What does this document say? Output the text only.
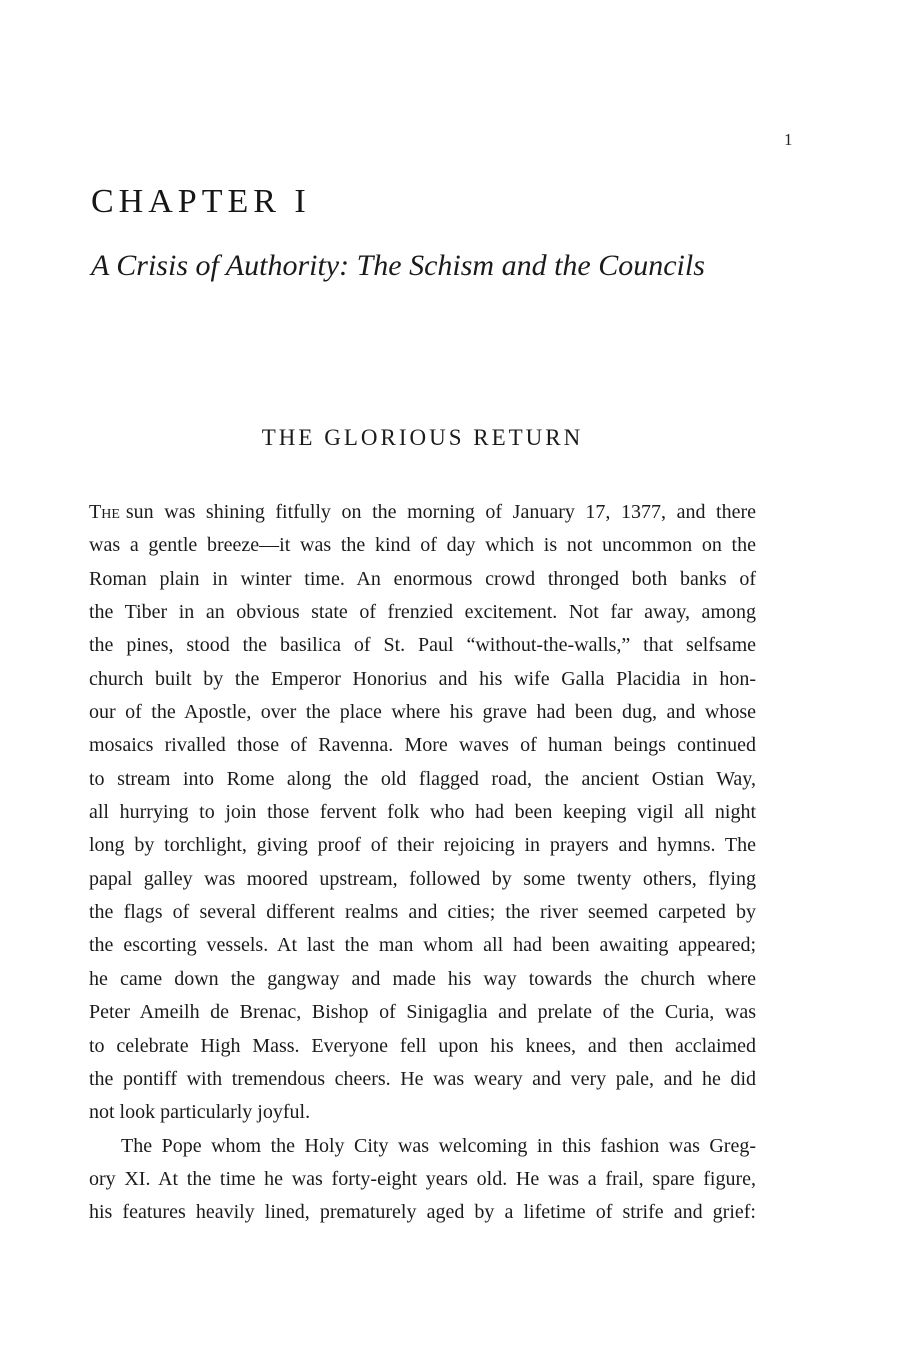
1
CHAPTER I
A Crisis of Authority: The Schism and the Councils
THE GLORIOUS RETURN
The sun was shining fitfully on the morning of January 17, 1377, and there
was a gentle breeze—it was the kind of day which is not uncommon on the
Roman plain in winter time. An enormous crowd thronged both banks of
the Tiber in an obvious state of frenzied excitement. Not far away, among
the pines, stood the basilica of St. Paul “without-the-walls,” that selfsame
church built by the Emperor Honorius and his wife Galla Placidia in hon-
our of the Apostle, over the place where his grave had been dug, and whose
mosaics rivalled those of Ravenna. More waves of human beings continued
to stream into Rome along the old flagged road, the ancient Ostian Way,
all hurrying to join those fervent folk who had been keeping vigil all night
long by torchlight, giving proof of their rejoicing in prayers and hymns. The
papal galley was moored upstream, followed by some twenty others, flying
the flags of several different realms and cities; the river seemed carpeted by
the escorting vessels. At last the man whom all had been awaiting appeared;
he came down the gangway and made his way towards the church where
Peter Ameilh de Brenac, Bishop of Sinigaglia and prelate of the Curia, was
to celebrate High Mass. Everyone fell upon his knees, and then acclaimed
the pontiff with tremendous cheers. He was weary and very pale, and he did
not look particularly joyful.
The Pope whom the Holy City was welcoming in this fashion was Greg-
ory XI. At the time he was forty-eight years old. He was a frail, spare figure,
his features heavily lined, prematurely aged by a lifetime of strife and grief:
